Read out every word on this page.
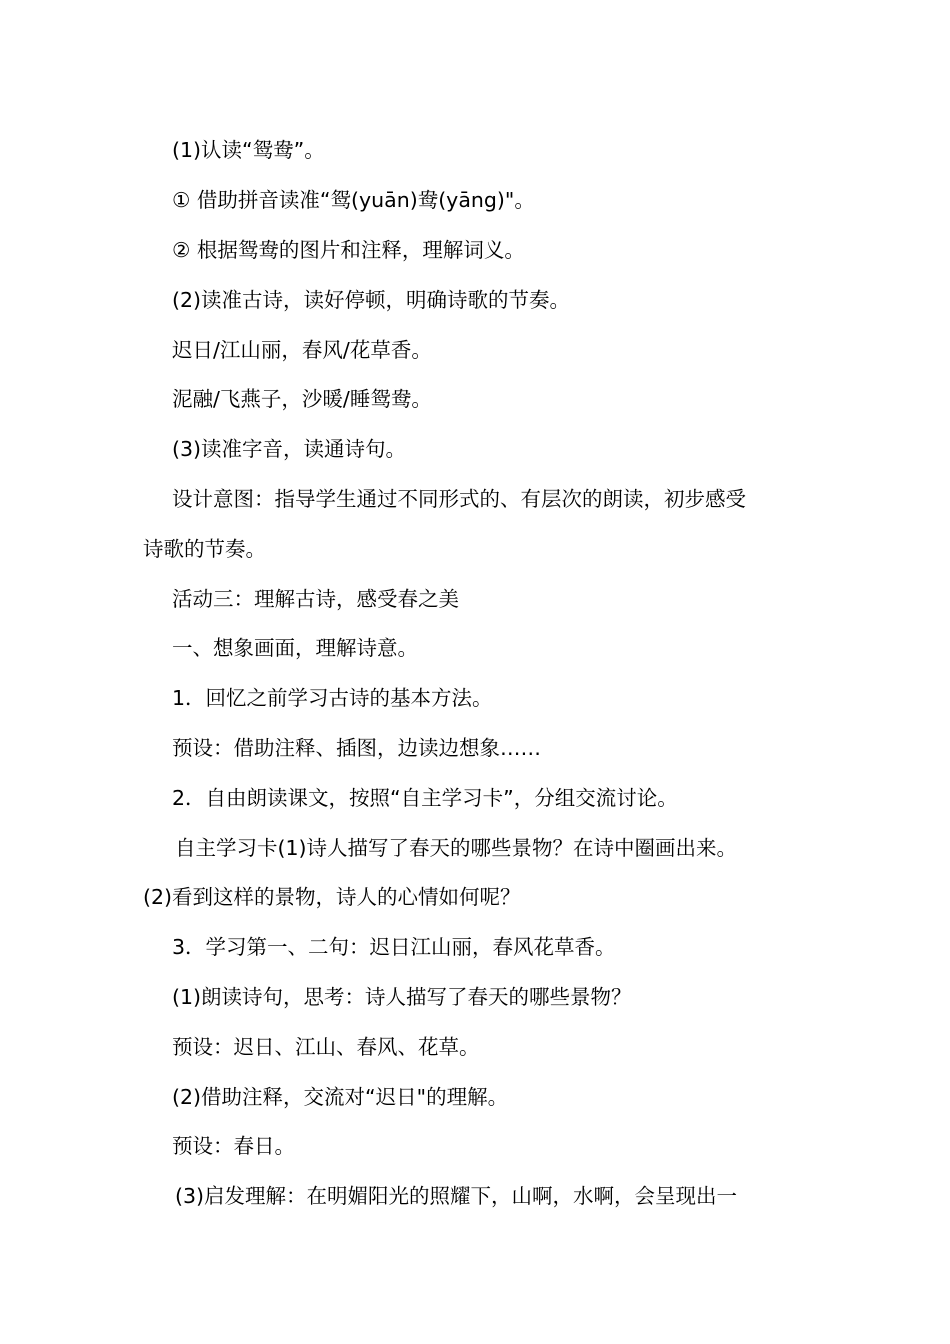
(1)认读“鸳鸯”。
① 借助拼音读准“鸳(yuān)鸯(yāng)"。
② 根据鸳鸯的图片和注释，理解词义。
(2)读准古诗，读好停顿，明确诗歌的节奏。
迟日/江山丽，春风/花草香。
泥融/飞燕子，沙暖/睡鸳鸯。
(3)读准字音，读通诗句。
设计意图：指导学生通过不同形式的、有层次的朗读，初步感受
诗歌的节奏。
活动三：理解古诗，感受春之美
一、想象画面，理解诗意。
1．回忆之前学习古诗的基本方法。
预设：借助注释、插图，边读边想象……
2．自由朗读课文，按照“自主学习卡”，分组交流讨论。
自主学习卡(1)诗人描写了春天的哪些景物？在诗中圈画出来。
(2)看到这样的景物，诗人的心情如何呢？
3．学习第一、二句：迟日江山丽，春风花草香。
(1)朗读诗句，思考：诗人描写了春天的哪些景物？
预设：迟日、江山、春风、花草。
(2)借助注释，交流对“迟日"的理解。
预设：春日。
(3)启发理解：在明媚阳光的照耀下，山啊，水啊，会呈现出一
